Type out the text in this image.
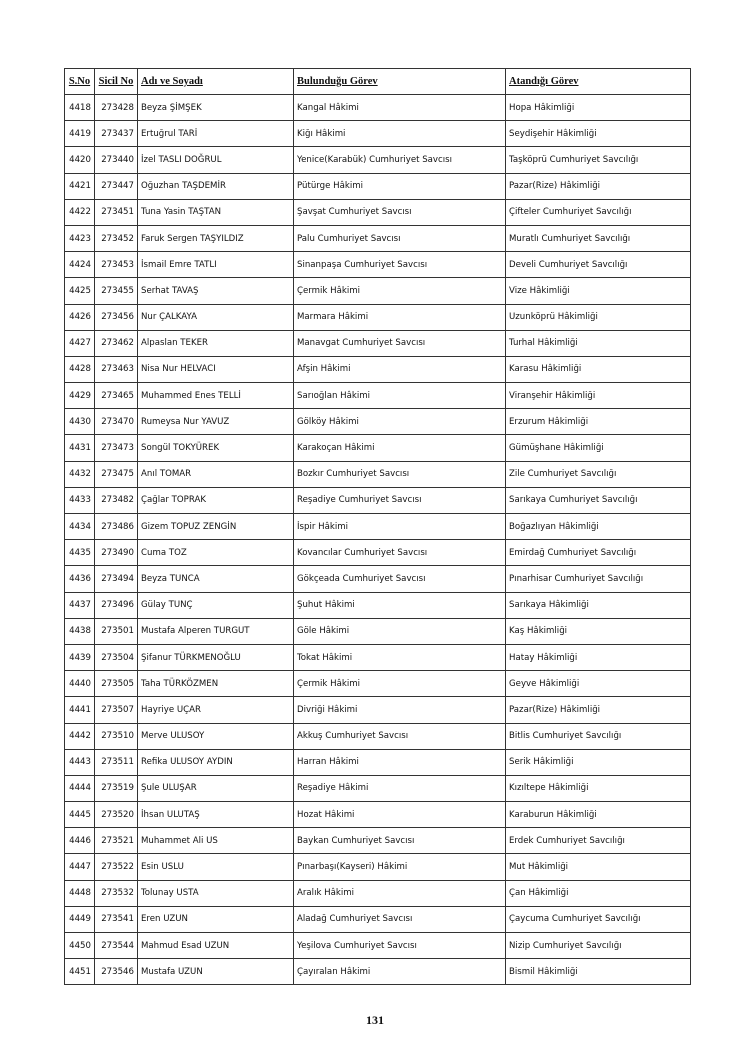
S.No	Sicil No	Adı ve Soyadı	Bulunduğu Görev	Atandığı Görev
4418	273428	Beyza ŞİMŞEK	Kangal Hâkimi	Hopa Hâkimliği
4419	273437	Ertuğrul TARİ	Kiğı Hâkimi	Seydişehir Hâkimliği
4420	273440	İzel TASLI DOĞRUL	Yenice(Karabük) Cumhuriyet Savcısı	Taşköprü Cumhuriyet Savcılığı
4421	273447	Oğuzhan TAŞDEMİR	Pütürge Hâkimi	Pazar(Rize) Hâkimliği
4422	273451	Tuna Yasin TAŞTAN	Şavşat Cumhuriyet Savcısı	Çifteler Cumhuriyet Savcılığı
4423	273452	Faruk Sergen TAŞYILDIZ	Palu Cumhuriyet Savcısı	Muratlı Cumhuriyet Savcılığı
4424	273453	İsmail Emre TATLI	Sinanpaşa Cumhuriyet Savcısı	Develi Cumhuriyet Savcılığı
4425	273455	Serhat TAVAŞ	Çermik Hâkimi	Vize Hâkimliği
4426	273456	Nur ÇALKAYA	Marmara Hâkimi	Uzunköprü Hâkimliği
4427	273462	Alpaslan TEKER	Manavgat Cumhuriyet Savcısı	Turhal Hâkimliği
4428	273463	Nisa Nur HELVACI	Afşin Hâkimi	Karasu Hâkimliği
4429	273465	Muhammed Enes TELLİ	Sarıoğlan Hâkimi	Viranşehir Hâkimliği
4430	273470	Rumeysa Nur YAVUZ	Gölköy Hâkimi	Erzurum Hâkimliği
4431	273473	Songül TOKYÜREK	Karakoçan Hâkimi	Gümüşhane Hâkimliği
4432	273475	Anıl TOMAR	Bozkır Cumhuriyet Savcısı	Zile Cumhuriyet Savcılığı
4433	273482	Çağlar TOPRAK	Reşadiye Cumhuriyet Savcısı	Sarıkaya Cumhuriyet Savcılığı
4434	273486	Gizem TOPUZ ZENGİN	İspir Hâkimi	Boğazlıyan Hâkimliği
4435	273490	Cuma TOZ	Kovancılar Cumhuriyet Savcısı	Emirdağ Cumhuriyet Savcılığı
4436	273494	Beyza TUNCA	Gökçeada Cumhuriyet Savcısı	Pınarhisar Cumhuriyet Savcılığı
4437	273496	Gülay TUNÇ	Şuhut Hâkimi	Sarıkaya Hâkimliği
4438	273501	Mustafa Alperen TURGUT	Göle Hâkimi	Kaş Hâkimliği
4439	273504	Şifanur TÜRKMENOĞLU	Tokat Hâkimi	Hatay Hâkimliği
4440	273505	Taha TÜRKÖZMEN	Çermik Hâkimi	Geyve Hâkimliği
4441	273507	Hayriye UÇAR	Divriği Hâkimi	Pazar(Rize) Hâkimliği
4442	273510	Merve ULUSOY	Akkuş Cumhuriyet Savcısı	Bitlis Cumhuriyet Savcılığı
4443	273511	Refika ULUSOY AYDIN	Harran Hâkimi	Serik Hâkimliği
4444	273519	Şule ULUŞAR	Reşadiye Hâkimi	Kızıltepe Hâkimliği
4445	273520	İhsan ULUTAŞ	Hozat Hâkimi	Karaburun Hâkimliği
4446	273521	Muhammet Ali US	Baykan Cumhuriyet Savcısı	Erdek Cumhuriyet Savcılığı
4447	273522	Esin USLU	Pınarbaşı(Kayseri) Hâkimi	Mut Hâkimliği
4448	273532	Tolunay USTA	Aralık Hâkimi	Çan Hâkimliği
4449	273541	Eren UZUN	Aladağ Cumhuriyet Savcısı	Çaycuma Cumhuriyet Savcılığı
4450	273544	Mahmud Esad UZUN	Yeşilova Cumhuriyet Savcısı	Nizip Cumhuriyet Savcılığı
4451	273546	Mustafa UZUN	Çayıralan Hâkimi	Bismil Hâkimliği
131
